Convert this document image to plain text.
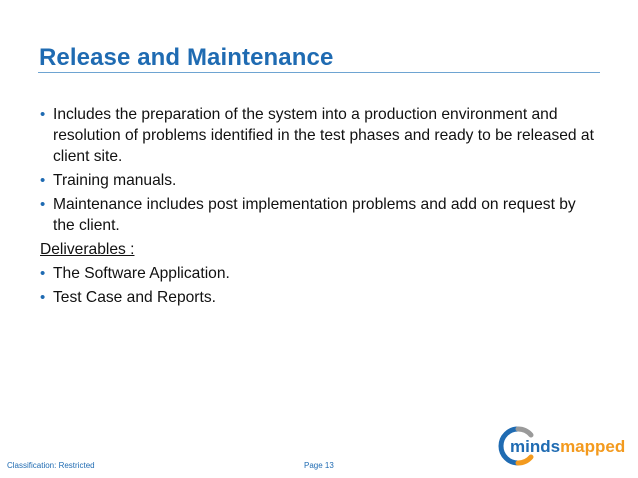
Release and Maintenance
• Includes the preparation of the system into a production environment and resolution of problems identified in the test phases and ready to be released at client site.
• Training manuals.
• Maintenance includes post implementation problems and add on request by the client.
Deliverables :
• The Software Application.
• Test Case and Reports.
Classification: Restricted	Page 13
mindsmapped
